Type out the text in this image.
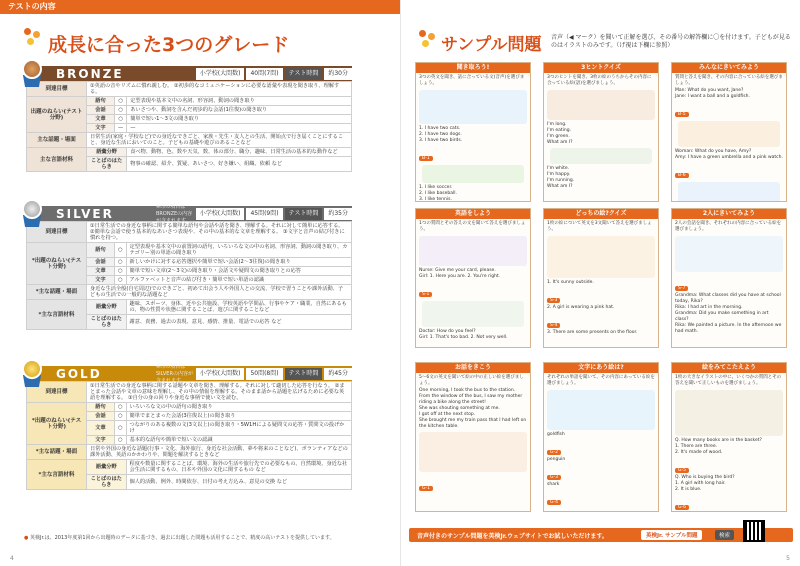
テストの内容
成長に合った3つのグレード
BRONZE	小学校(大問数)	40問(7問)	テスト時間	約30分
到達目標	①英語の音やリズムに慣れ親しむ。 ②初歩的なコミュニケーションに必要な語彙や表現を聞き取り、理解する。		
出題のねらい(テスト分野)	語句	○	定型表現や基本文中の名詞、形容詞、動詞の聞き取り
	会話	○	あいさつや、動詞を含んだ初歩的な会話(1往復)の聞き取り
	文章	○	簡単で短い1〜3文の聞き取り
	文字	—	—
主な話題・場面	日常生活(家庭・学校など)での身近なできごと、家族・先生・友人との生活、開始点で行き届くことにすること、身近な生活においてのこと。子どもの基礎や遊びのあることなど		
主な言語材料	語彙分野		食べ物、動物、色、数や天気、数、体の部分、職分、趣味、日常生活の基本的な動作など
	ことばのはたらき		物事の確認、紹介、質疑、あいさつ、好き嫌い、組織、依頼 など
SILVER	※印の項目はBRONZEの内容が含まれます。
小学校(大問数)	45問(9問)	テスト時間	約35分
到達目標	①日常生活での身近な事柄に関する簡単な語句や会話や話を聞き、理解する。それに対して簡単に応答する。 ②簡単な会話で使う基本的なあいさつ表現や、その中の基本的な文章を理解する。 ③文字と音声の結び付きに慣れを持つ。		
*出題のねらい(テスト分野)	語句	○	定型表現や基本文中の前置詞の語句、いろいろな文の中の名詞、形容詞、動詞の聞き取り、カテゴリー別の単語の聞き取り
	会話	○	新しいかけに対する応答選択や簡単で短い会話(2〜3往復)の聞き取り
	文章	○	簡単で短い文章(2〜3文)の聞き取り・会話文や疑問文の聞き取りとの応答
	文字	○	アルファベットと音声の結び付き・簡単で短い単語の認識
*主な話題・場面	身近な生活全般(自宅周辺)でのできごと、初めて出会う人や外国人との交流、学校で習うことや課外活動、子どもの生活での一般的な話題など		
*主な言語材料	語彙分野		趣味、スポーツ、身体、近や公共施設、学校英語や学問品、行事やケア・職業、自然にあるもの、物の性質や状態に関することば、遊びに関することなど
	ことばのはたらき		謝意、責務、過去の表現、意見、感情、推量、電話での応答 など
GOLD	※印の項目はSILVERの内容が含まれます。
小学校(大問数)	50問(8問)	テスト時間	約45分
到達目標	①日常生活での身近な事柄に関する話題や文章を聞き、理解する。それに対して適切した応答を行なう。 ②まとまった会話や文章の意味を理解し、その中の情報を理解する。そのまま話から話題を広げるために必要な英語を理解する。 ③自分の身の回りや身近な事柄で使い文を読む。		
*出題のねらい(テスト分野)	語句	○	いろいろな文の中の語句の聞き取り
	会話	○	簡単でまとまった会話(3往復以上)の聞き取り
	文章	○	つながりのある複数の文(3文以上)の聞き取り・5W1Hによる疑問文の応答・質問文の投げかけ
	文字	○	基本的な語句や簡単で短い文の認識
*主な話題・場面	日常や外国の身近な話題(行事・文化、海外旅行、身近な社会活動、夢や将来のことなど)、ボランティアなどの課外活動、英語のかかわりや、問題を解決するときなど		
*主な言語材料	語彙分野		程度や数量に関することば、環境、海外の生活や旅行先での必要なもの、自然環境、身近な社会生活に関するもの、日本や外国の文化に関するもの など
	ことばのはたらき		個人的活動、例外、時間依存、日付の考え方込み、意見の交換 など
● 英検Jr.は、2013年度第1回から出題時のデータに基づき、過去に出題した問題も活用することで、精度の高いテストを提供しています。
4
サンプル問題 音声（◀ マーク）を聞いて正解を選び、その番号の解答欄に〇を付けます。子どもが見るのはイラストのみです。（げ視は下欄に参照）
聞き取ろう!
3つの英文を聞き、話に合っている文(音声)を選びましょう。
1. I have two cats.
2. I have two dogs.
3. I have two birds.
B-1
1. I like soccer.
2. I like baseball.
3. I like tennis.
3ヒントクイズ
3つのヒントを聞き、3枚の絵のうちからその内容に合っている絵(語)を選びましょう。
I'm long.
I'm eating.
I'm green.
What am I?
I'm white.
I'm happy.
I'm running.
What am I?
みんなにきいてみよう
質問と答えを聞き、その内容に合っている絵を選びましょう。
Man: What do you want, Jane?
Jane: I want a ball and a goldfish.
B-5
Woman: What do you have, Amy?
Amy: I have a green umbrella and a pink watch.
B-6
英語をしよう
1つの質問とその答えの文を聞いて答えを選びましょう。
Nurse: Give me your card, please.
Girl: 1. Here you are. 2. You're right.
S-1
Doctor: How do you feel?
Girl: 1. That's too bad. 2. Not very well.
どっちの絵?クイズ
1枚の絵について英文を3文聞いて答えを選びましょう。
1. It's sunny outside.
S-3
2. A girl is wearing a pink hat.
S-4
3. There are some presents on the floor.
2人にきいてみよう
2人の会話を聞き、それぞれの内容に合っている絵を選びましょう。
S-7
Grandma: What classes did you have at school today, Rika?
Rika: I had art in the morning.
Grandma: Did you make something in art class?
Rika: We painted a picture. In the afternoon we had math.
お話をきこう
5〜6文の英文を聞いて絵の中の正しい絵を選びましょう。
One morning, I took the bus to the station.
From the window of the bus, I saw my mother riding a bike along the street!
She was shouting something at me.
I got off at the next stop.
She brought me my train pass that I had left on the kitchen table.
G-1
文字にあう絵は?
それぞれの単語を聞いて、その内容にあっている絵を選びましょう。
goldfish
G-2
penguin
G-3
shark
G-4
絵をみてこたえよう
1枚の大きなイラストの中に、いくつかの質問とその答えを聞いて正しいものを選びましょう。
Q. How many books are in the basket?
1. There are three.
2. It's made of wood.
G-5
Q. Who is buying the bird?
1. A girl with long hair.
2. It is blue.
G-6
音声付きのサンプル問題を英検Jr.ウェブサイトでお試しいただけます。	英検Jr. サンプル問題	検索
5
